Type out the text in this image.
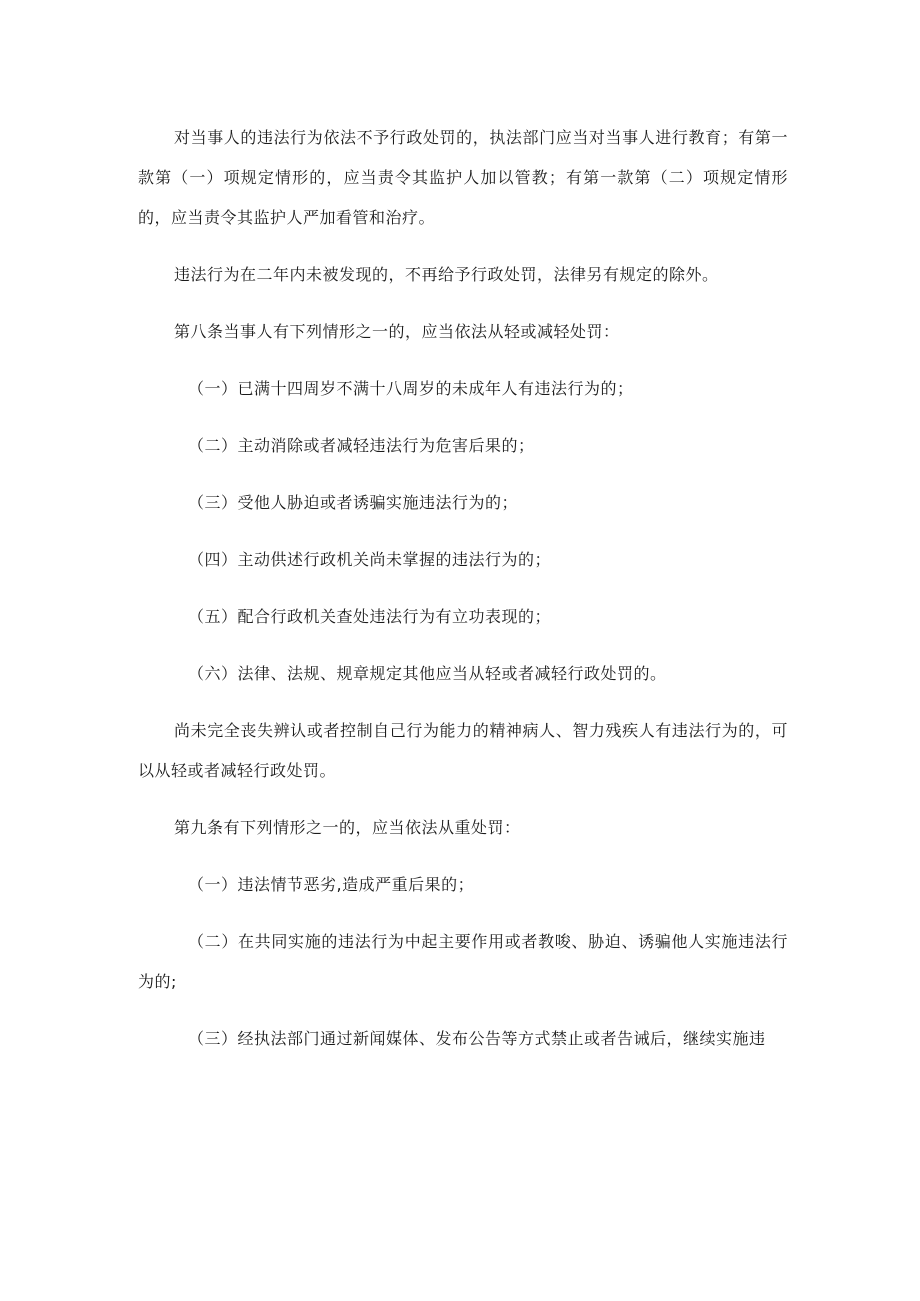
对当事人的违法行为依法不予行政处罚的，执法部门应当对当事人进行教育；有第一款第（一）项规定情形的，应当责令其监护人加以管教；有第一款第（二）项规定情形的，应当责令其监护人严加看管和治疗。

违法行为在二年内未被发现的，不再给予行政处罚，法律另有规定的除外。

第八条当事人有下列情形之一的，应当依法从轻或减轻处罚：

（一）已满十四周岁不满十八周岁的未成年人有违法行为的；

（二）主动消除或者减轻违法行为危害后果的；

（三）受他人胁迫或者诱骗实施违法行为的；

（四）主动供述行政机关尚未掌握的违法行为的；

（五）配合行政机关查处违法行为有立功表现的；

（六）法律、法规、规章规定其他应当从轻或者减轻行政处罚的。

尚未完全丧失辨认或者控制自己行为能力的精神病人、智力残疾人有违法行为的，可以从轻或者减轻行政处罚。

第九条有下列情形之一的，应当依法从重处罚：

（一）违法情节恶劣,造成严重后果的；

（二）在共同实施的违法行为中起主要作用或者教唆、胁迫、诱骗他人实施违法行为的;

（三）经执法部门通过新闻媒体、发布公告等方式禁止或者告诫后，继续实施违
